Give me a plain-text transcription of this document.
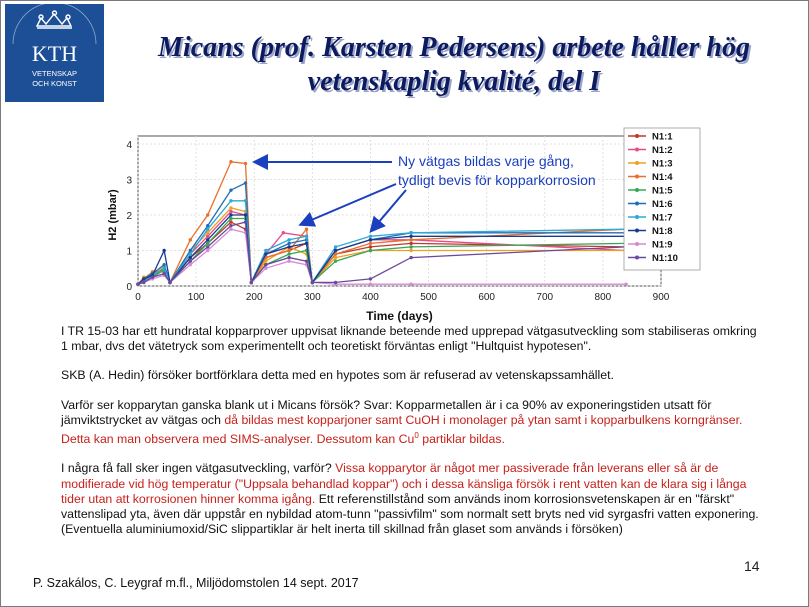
KTH
VETENSKAP
OCH KONST
Micans (prof. Karsten Pedersens) arbete håller hög
vetenskaplig kvalité, del I
0
1
2
3
4
0	100	200	300	400	500	600	700	800	900
Time (days)
H2 (mbar)
N1:1
N1:2
N1:3
N1:4
N1:5
N1:6
N1:7
N1:8
N1:9
N1:10
Ny vätgas bildas varje gång,
tydligt bevis för kopparkorrosion

I TR 15-03 har ett hundratal kopparprover uppvisat liknande beteende med upprepad vätgasutveckling som stabiliseras omkring 1 mbar, dvs det vätetryck som experimentellt och teoretiskt förväntas enligt "Hultquist hypotesen".

SKB (A. Hedin) försöker bortförklara detta med en hypotes som är refuserad av vetenskapssamhället.

Varför ser kopparytan ganska blank ut i Micans försök? Svar: Kopparmetallen är i ca 90% av exponeringstiden utsatt för jämviktstrycket av vätgas och då bildas mest kopparjoner samt CuOH i monolager på ytan samt i kopparbulkens korngränser. Detta kan man observera med SIMS-analyser. Dessutom kan Cu$^0$ partiklar bildas.

I några få fall sker ingen vätgasutveckling, varför? Vissa kopparytor är något mer passiverade från leverans eller så är de modifierade vid hög temperatur ("Uppsala behandlad koppar") och i dessa känsliga försök i rent vatten kan de klara sig i långa tider utan att korrosionen hinner komma igång. Ett referenstillstånd som används inom korrosionsvetenskapen är en "färskt" vattenslipad yta, även där uppstår en nybildad atom-tunn "passivfilm" som normalt sett bryts ned vid syrgasfri vatten exponering. (Eventuella aluminiumoxid/SiC slippartiklar är helt inerta till skillnad från glaset som används i försöken)

14
P. Szakálos, C. Leygraf m.fl., Miljödomstolen 14 sept. 2017
